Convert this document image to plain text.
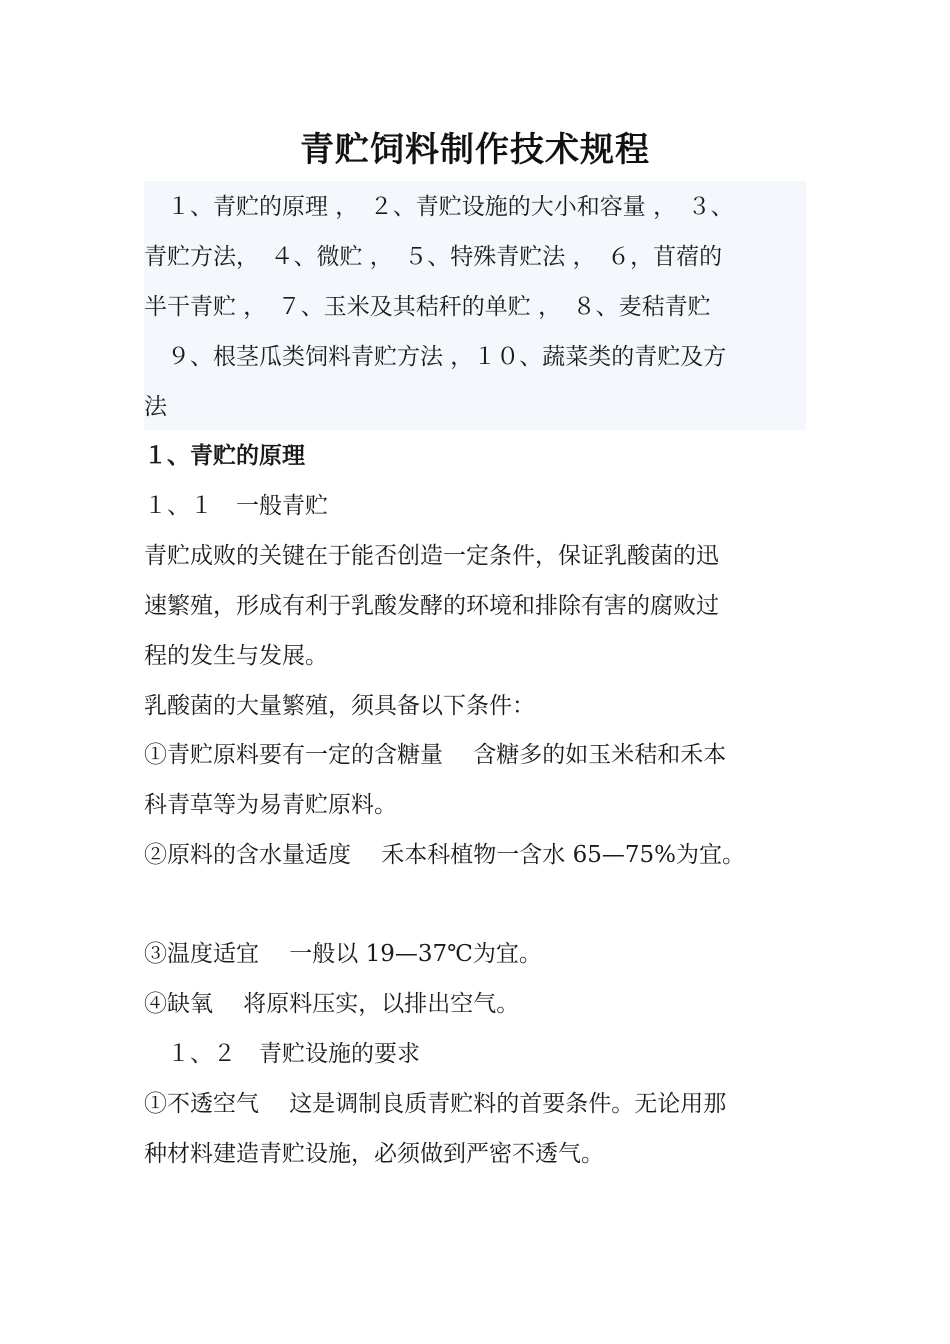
青贮饲料制作技术规程
　１、青贮的原理 ，　２、青贮设施的大小和容量 ，　３、
青贮方法，　４、微贮 ，　５、特殊青贮法 ，　６，苜蓿的
半干青贮 ，　７、玉米及其秸秆的单贮 ，　８、麦秸青贮
　９、根茎瓜类饲料青贮方法 ，１０、蔬菜类的青贮及方
法
１、青贮的原理
１、１　一般青贮
青贮成败的关键在于能否创造一定条件，保证乳酸菌的迅
速繁殖，形成有利于乳酸发酵的环境和排除有害的腐败过
程的发生与发展。
乳酸菌的大量繁殖，须具备以下条件：
①青贮原料要有一定的含糖量　 含糖多的如玉米秸和禾本
科青草等为易青贮原料。
②原料的含水量适度　 禾本科植物一含水 65—75%为宜。
③温度适宜　 一般以 19—37℃为宜。
④缺氧　 将原料压实，以排出空气。
　１、２　青贮设施的要求
①不透空气　 这是调制良质青贮料的首要条件。无论用那
种材料建造青贮设施，必须做到严密不透气。
